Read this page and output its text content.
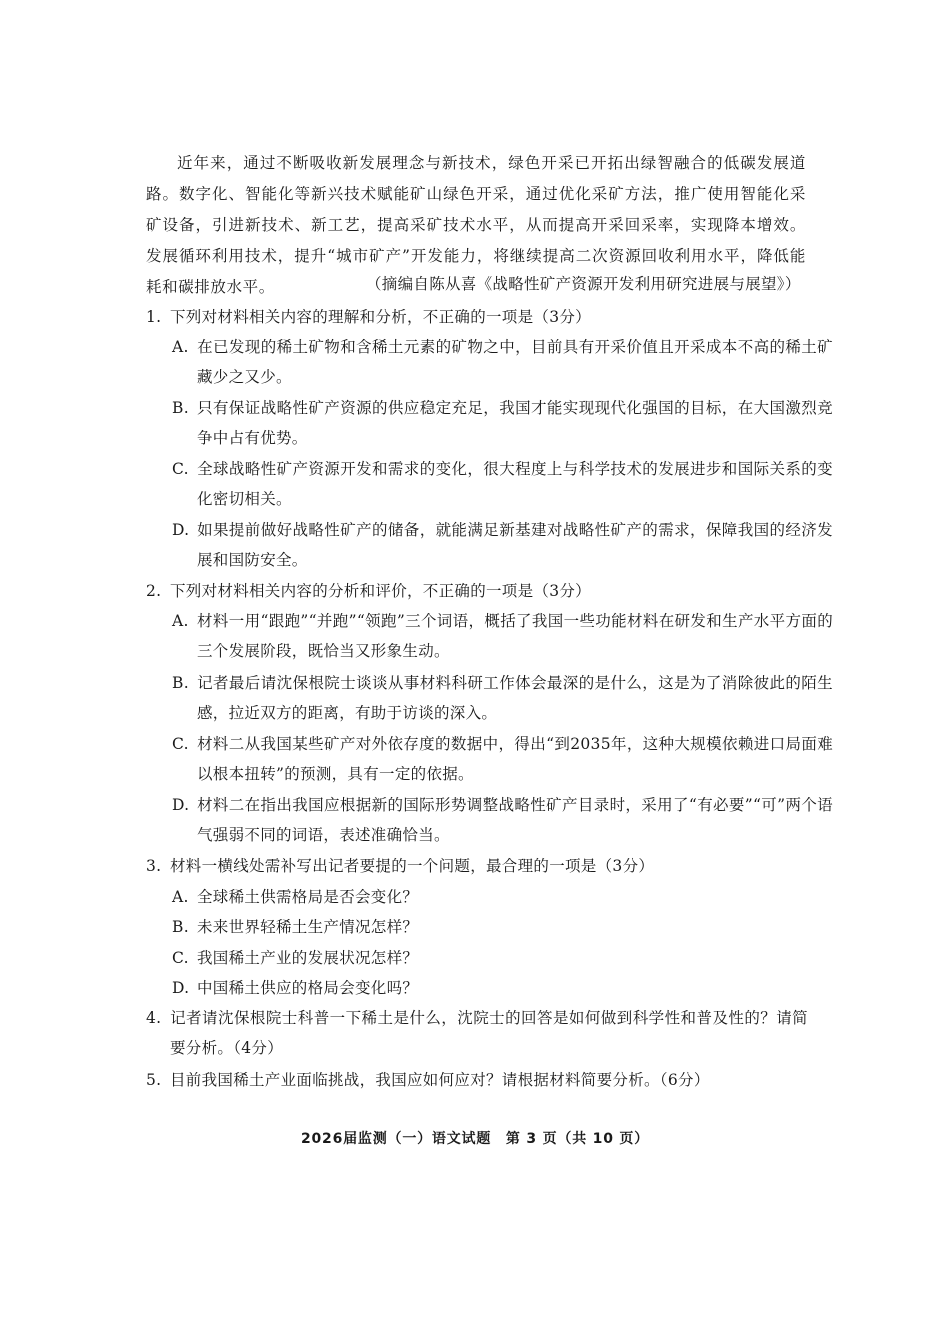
近年来，通过不断吸收新发展理念与新技术，绿色开采已开拓出绿智融合的低碳发展道路。数字化、智能化等新兴技术赋能矿山绿色开采，通过优化采矿方法，推广使用智能化采矿设备，引进新技术、新工艺，提高采矿技术水平，从而提高开采回采率，实现降本增效。发展循环利用技术，提升“城市矿产”开发能力，将继续提高二次资源回收利用水平，降低能耗和碳排放水平。	（摘编自陈从喜《战略性矿产资源开发利用研究进展与展望》）

1. 下列对材料相关内容的理解和分析，不正确的一项是（3分）

A. 在已发现的稀土矿物和含稀土元素的矿物之中，目前具有开采价值且开采成本不高的稀土矿藏少之又少。

B. 只有保证战略性矿产资源的供应稳定充足，我国才能实现现代化强国的目标，在大国激烈竞争中占有优势。

C. 全球战略性矿产资源开发和需求的变化，很大程度上与科学技术的发展进步和国际关系的变化密切相关。

D. 如果提前做好战略性矿产的储备，就能满足新基建对战略性矿产的需求，保障我国的经济发展和国防安全。

2. 下列对材料相关内容的分析和评价，不正确的一项是（3分）

A. 材料一用“跟跑”“并跑”“领跑”三个词语，概括了我国一些功能材料在研发和生产水平方面的三个发展阶段，既恰当又形象生动。

B. 记者最后请沈保根院士谈谈从事材料科研工作体会最深的是什么，这是为了消除彼此的陌生感，拉近双方的距离，有助于访谈的深入。

C. 材料二从我国某些矿产对外依存度的数据中，得出“到2035年，这种大规模依赖进口局面难以根本扭转”的预测，具有一定的依据。

D. 材料二在指出我国应根据新的国际形势调整战略性矿产目录时，采用了“有必要”“可”两个语气强弱不同的词语，表述准确恰当。

3. 材料一横线处需补写出记者要提的一个问题，最合理的一项是（3分）

A. 全球稀土供需格局是否会变化？

B. 未来世界轻稀土生产情况怎样？

C. 我国稀土产业的发展状况怎样？

D. 中国稀土供应的格局会变化吗？

4. 记者请沈保根院士科普一下稀土是什么，沈院士的回答是如何做到科学性和普及性的？请简要分析。（4分）

5. 目前我国稀土产业面临挑战，我国应如何应对？请根据材料简要分析。（6分）

2026届监测（一）语文试题　第 3 页（共 10 页）
